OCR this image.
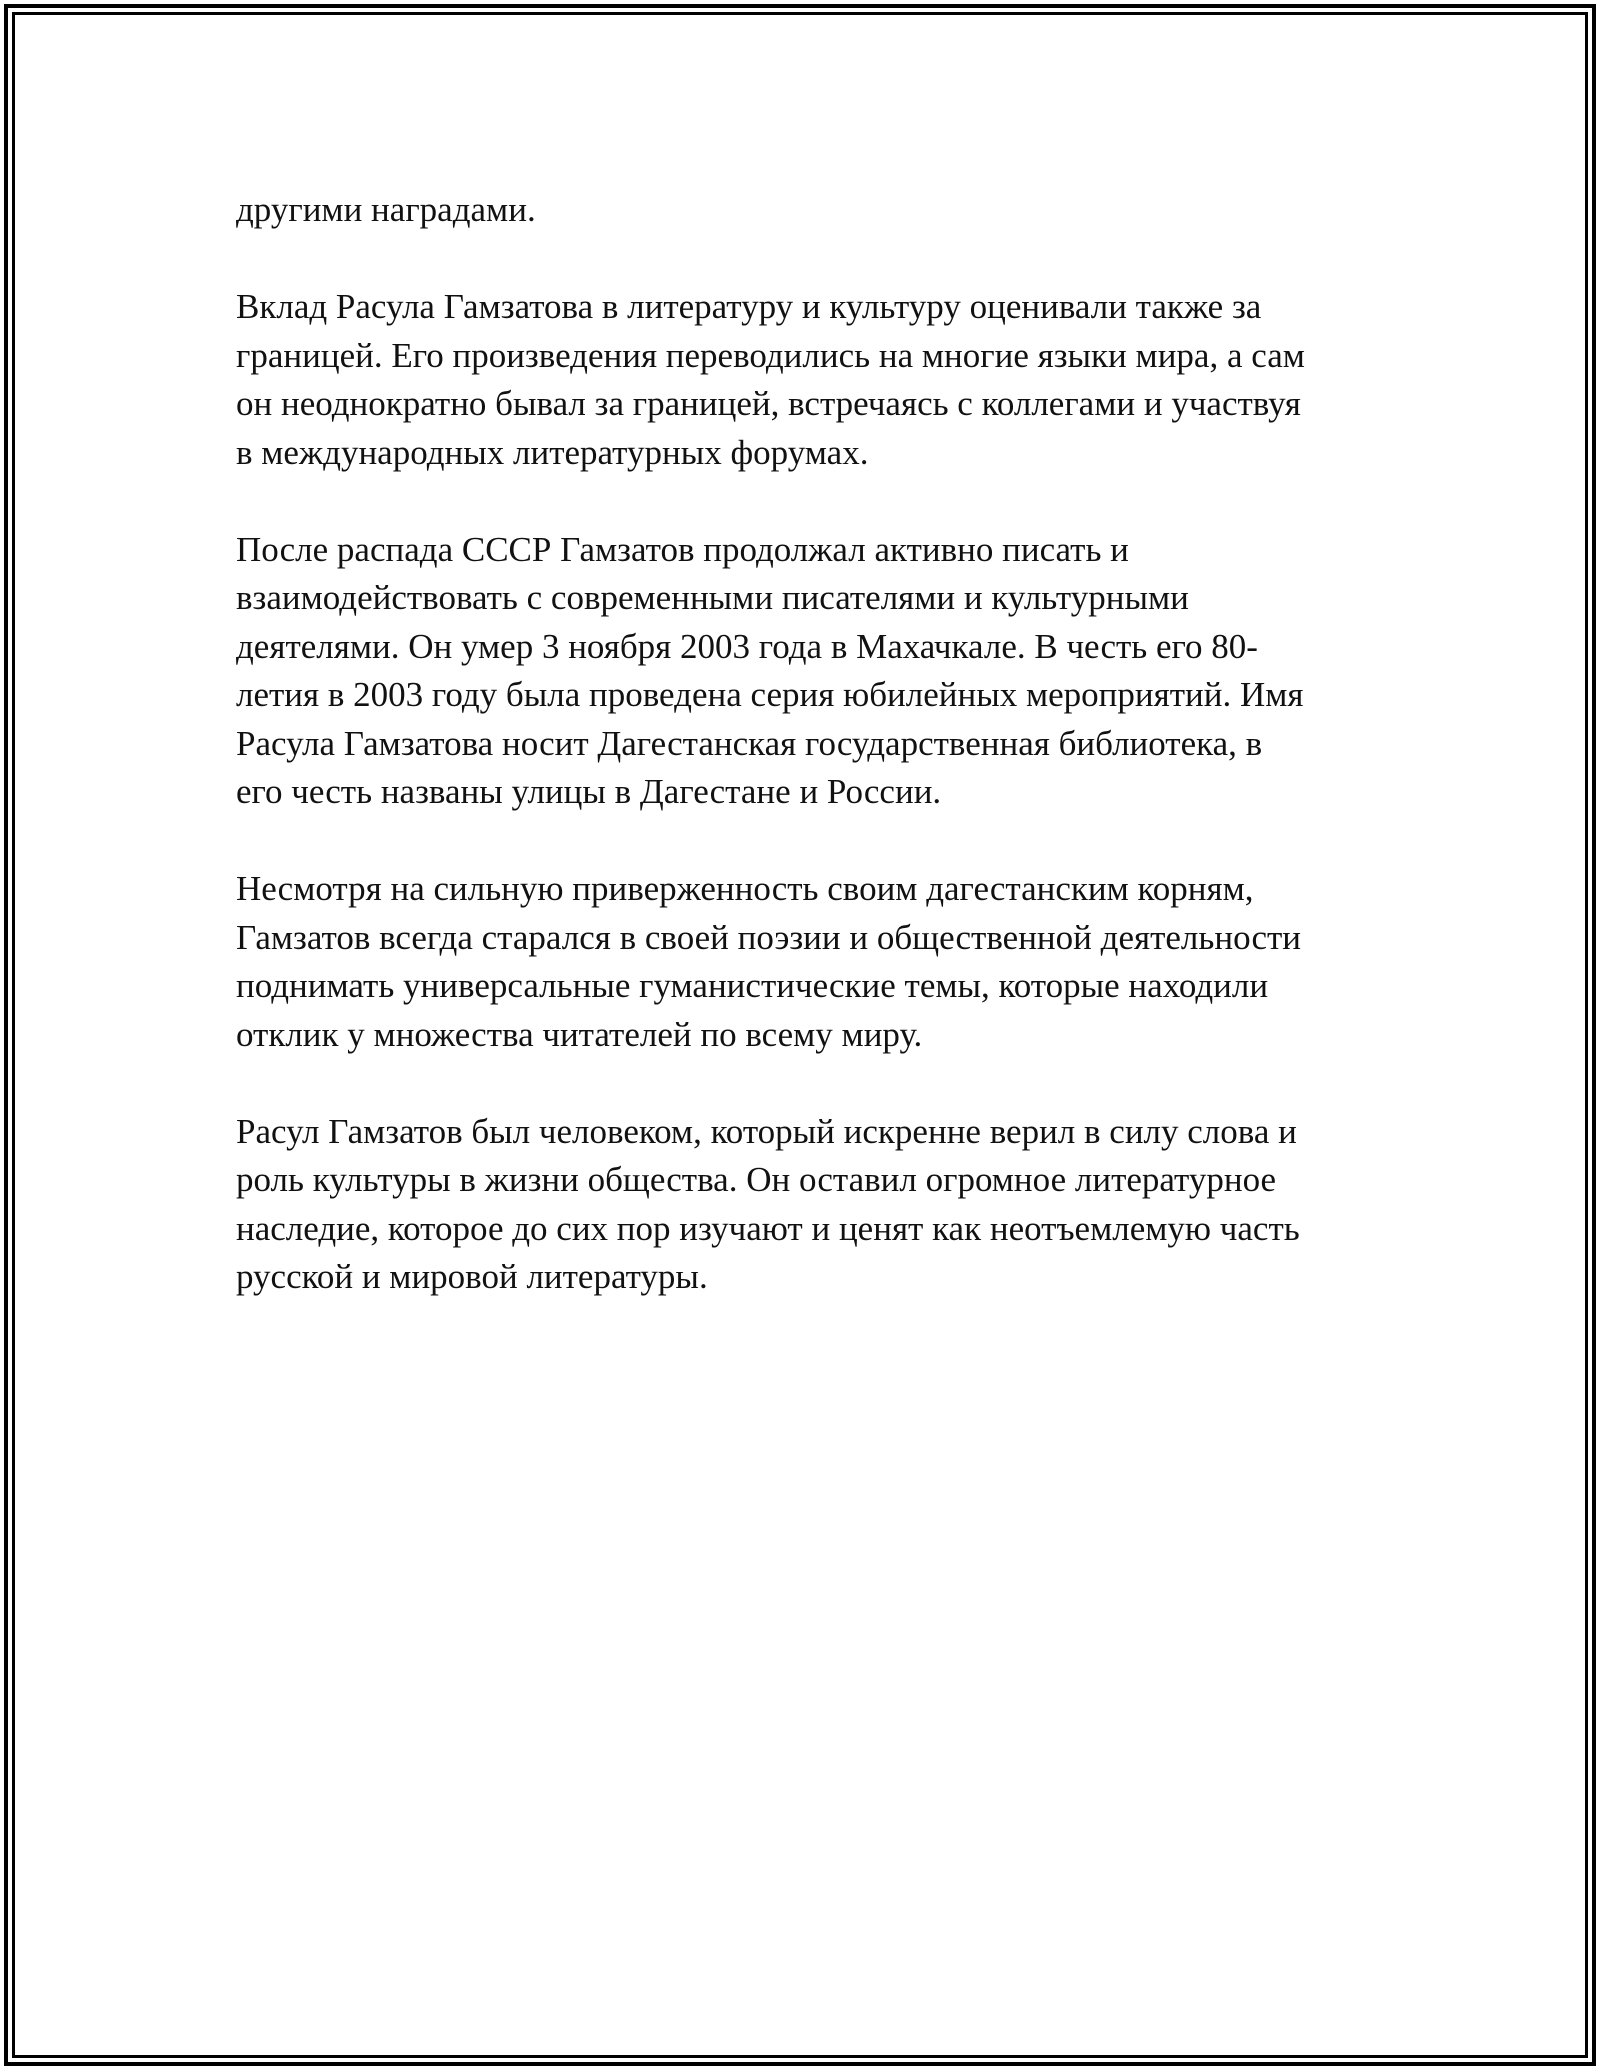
другими наградами.

Вклад Расула Гамзатова в литературу и культуру оценивали также за
границей. Его произведения переводились на многие языки мира, а сам
он неоднократно бывал за границей, встречаясь с коллегами и участвуя
в международных литературных форумах.

После распада СССР Гамзатов продолжал активно писать и
взаимодействовать с современными писателями и культурными
деятелями. Он умер 3 ноября 2003 года в Махачкале. В честь его 80-
летия в 2003 году была проведена серия юбилейных мероприятий. Имя
Расула Гамзатова носит Дагестанская государственная библиотека, в
его честь названы улицы в Дагестане и России.

Несмотря на сильную приверженность своим дагестанским корням,
Гамзатов всегда старался в своей поэзии и общественной деятельности
поднимать универсальные гуманистические темы, которые находили
отклик у множества читателей по всему миру.

Расул Гамзатов был человеком, который искренне верил в силу слова и
роль культуры в жизни общества. Он оставил огромное литературное
наследие, которое до сих пор изучают и ценят как неотъемлемую часть
русской и мировой литературы.
